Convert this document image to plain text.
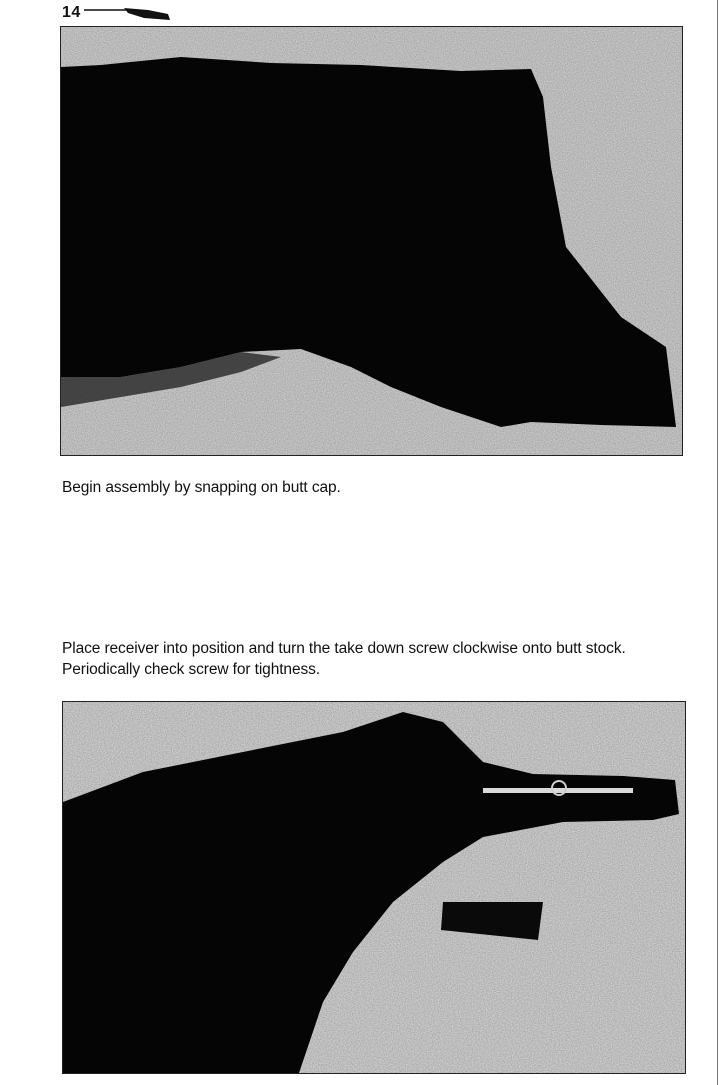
14
Begin assembly by snapping on butt cap.
Place receiver into position and turn the take down screw clockwise onto butt stock. Periodically check screw for tightness.
